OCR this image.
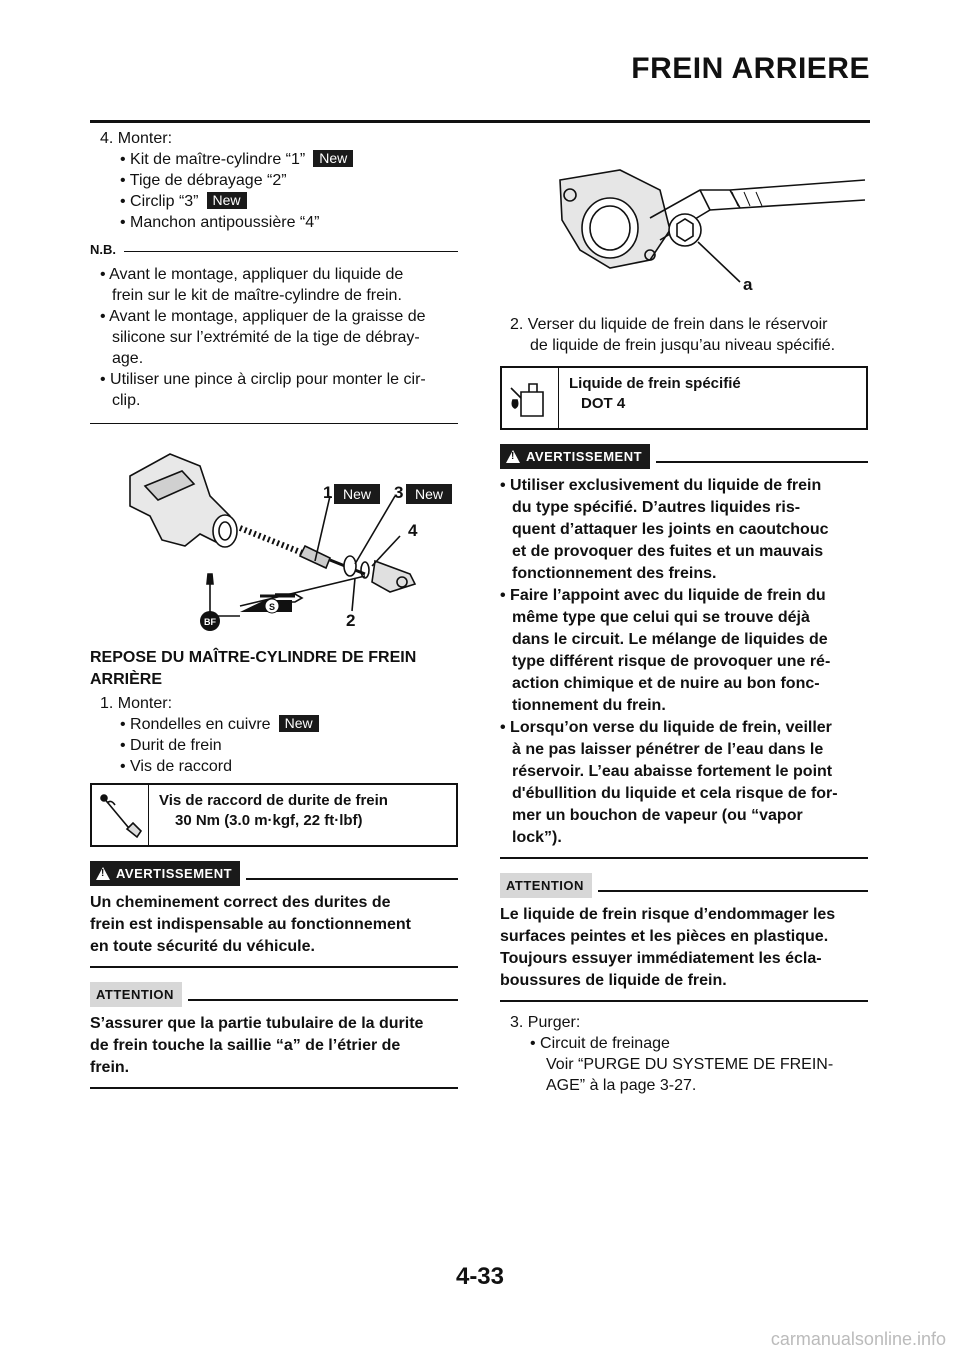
FREIN ARRIERE
4. Monter:
• Kit de maître-cylindre “1” New
• Tige de débrayage “2”
• Circlip “3” New
• Manchon antipoussière “4”
N.B.
• Avant le montage, appliquer du liquide de
frein sur le kit de maître-cylindre de frein.
• Avant le montage, appliquer de la graisse de
silicone sur l’extrémité de la tige de débray-
age.
• Utiliser une pince à circlip pour monter le cir-
clip.
BF
S
1 New 3 New
4
2
REPOSE DU MAÎTRE-CYLINDRE DE FREIN
ARRIÈRE
1. Monter:
• Rondelles en cuivre New
• Durit de frein
• Vis de raccord
Vis de raccord de durite de frein
30 Nm (3.0 m·kgf, 22 ft·lbf)
! AVERTISSEMENT
Un cheminement correct des durites de
frein est indispensable au fonctionnement
en toute sécurité du véhicule.
ATTENTION
S’assurer que la partie tubulaire de la durite
de frein touche la saillie “a” de l’étrier de
frein.
a
2. Verser du liquide de frein dans le réservoir
de liquide de frein jusqu’au niveau spécifié.
Liquide de frein spécifié
DOT 4
! AVERTISSEMENT
• Utiliser exclusivement du liquide de frein
du type spécifié. D’autres liquides ris-
quent d’attaquer les joints en caoutchouc
et de provoquer des fuites et un mauvais
fonctionnement des freins.
• Faire l’appoint avec du liquide de frein du
même type que celui qui se trouve déjà
dans le circuit. Le mélange de liquides de
type différent risque de provoquer une ré-
action chimique et de nuire au bon fonc-
tionnement du frein.
• Lorsqu’on verse du liquide de frein, veiller
à ne pas laisser pénétrer de l’eau dans le
réservoir. L’eau abaisse fortement le point
d'ébullition du liquide et cela risque de for-
mer un bouchon de vapeur (ou “vapor
lock”).
ATTENTION
Le liquide de frein risque d’endommager les
surfaces peintes et les pièces en plastique.
Toujours essuyer immédiatement les écla-
boussures de liquide de frein.
3. Purger:
• Circuit de freinage
Voir “PURGE DU SYSTEME DE FREIN-
AGE” à la page 3-27.
4-33
carmanualsonline.info
